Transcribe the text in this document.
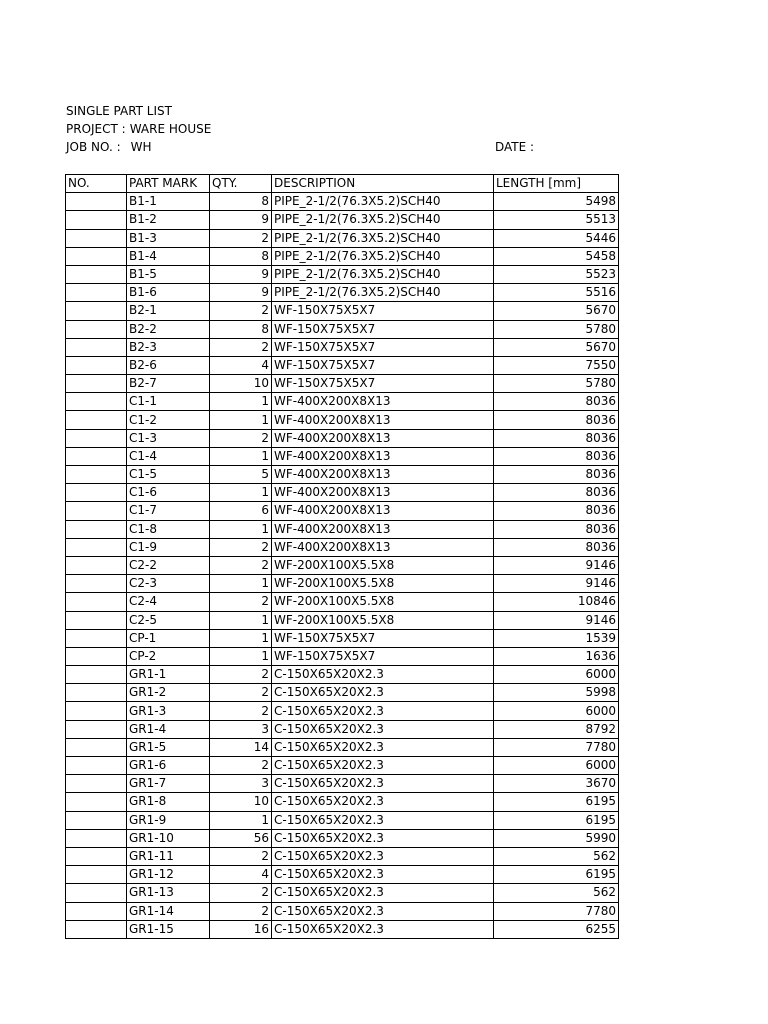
SINGLE PART LIST
PROJECT : WARE HOUSE
JOB NO. : WH	DATE :
NO.	PART MARK	QTY.	DESCRIPTION	LENGTH [mm]
	B1-1	8	PIPE_2-1/2(76.3X5.2)SCH40	5498
	B1-2	9	PIPE_2-1/2(76.3X5.2)SCH40	5513
	B1-3	2	PIPE_2-1/2(76.3X5.2)SCH40	5446
	B1-4	8	PIPE_2-1/2(76.3X5.2)SCH40	5458
	B1-5	9	PIPE_2-1/2(76.3X5.2)SCH40	5523
	B1-6	9	PIPE_2-1/2(76.3X5.2)SCH40	5516
	B2-1	2	WF-150X75X5X7	5670
	B2-2	8	WF-150X75X5X7	5780
	B2-3	2	WF-150X75X5X7	5670
	B2-6	4	WF-150X75X5X7	7550
	B2-7	10	WF-150X75X5X7	5780
	C1-1	1	WF-400X200X8X13	8036
	C1-2	1	WF-400X200X8X13	8036
	C1-3	2	WF-400X200X8X13	8036
	C1-4	1	WF-400X200X8X13	8036
	C1-5	5	WF-400X200X8X13	8036
	C1-6	1	WF-400X200X8X13	8036
	C1-7	6	WF-400X200X8X13	8036
	C1-8	1	WF-400X200X8X13	8036
	C1-9	2	WF-400X200X8X13	8036
	C2-2	2	WF-200X100X5.5X8	9146
	C2-3	1	WF-200X100X5.5X8	9146
	C2-4	2	WF-200X100X5.5X8	10846
	C2-5	1	WF-200X100X5.5X8	9146
	CP-1	1	WF-150X75X5X7	1539
	CP-2	1	WF-150X75X5X7	1636
	GR1-1	2	C-150X65X20X2.3	6000
	GR1-2	2	C-150X65X20X2.3	5998
	GR1-3	2	C-150X65X20X2.3	6000
	GR1-4	3	C-150X65X20X2.3	8792
	GR1-5	14	C-150X65X20X2.3	7780
	GR1-6	2	C-150X65X20X2.3	6000
	GR1-7	3	C-150X65X20X2.3	3670
	GR1-8	10	C-150X65X20X2.3	6195
	GR1-9	1	C-150X65X20X2.3	6195
	GR1-10	56	C-150X65X20X2.3	5990
	GR1-11	2	C-150X65X20X2.3	562
	GR1-12	4	C-150X65X20X2.3	6195
	GR1-13	2	C-150X65X20X2.3	562
	GR1-14	2	C-150X65X20X2.3	7780
	GR1-15	16	C-150X65X20X2.3	6255
